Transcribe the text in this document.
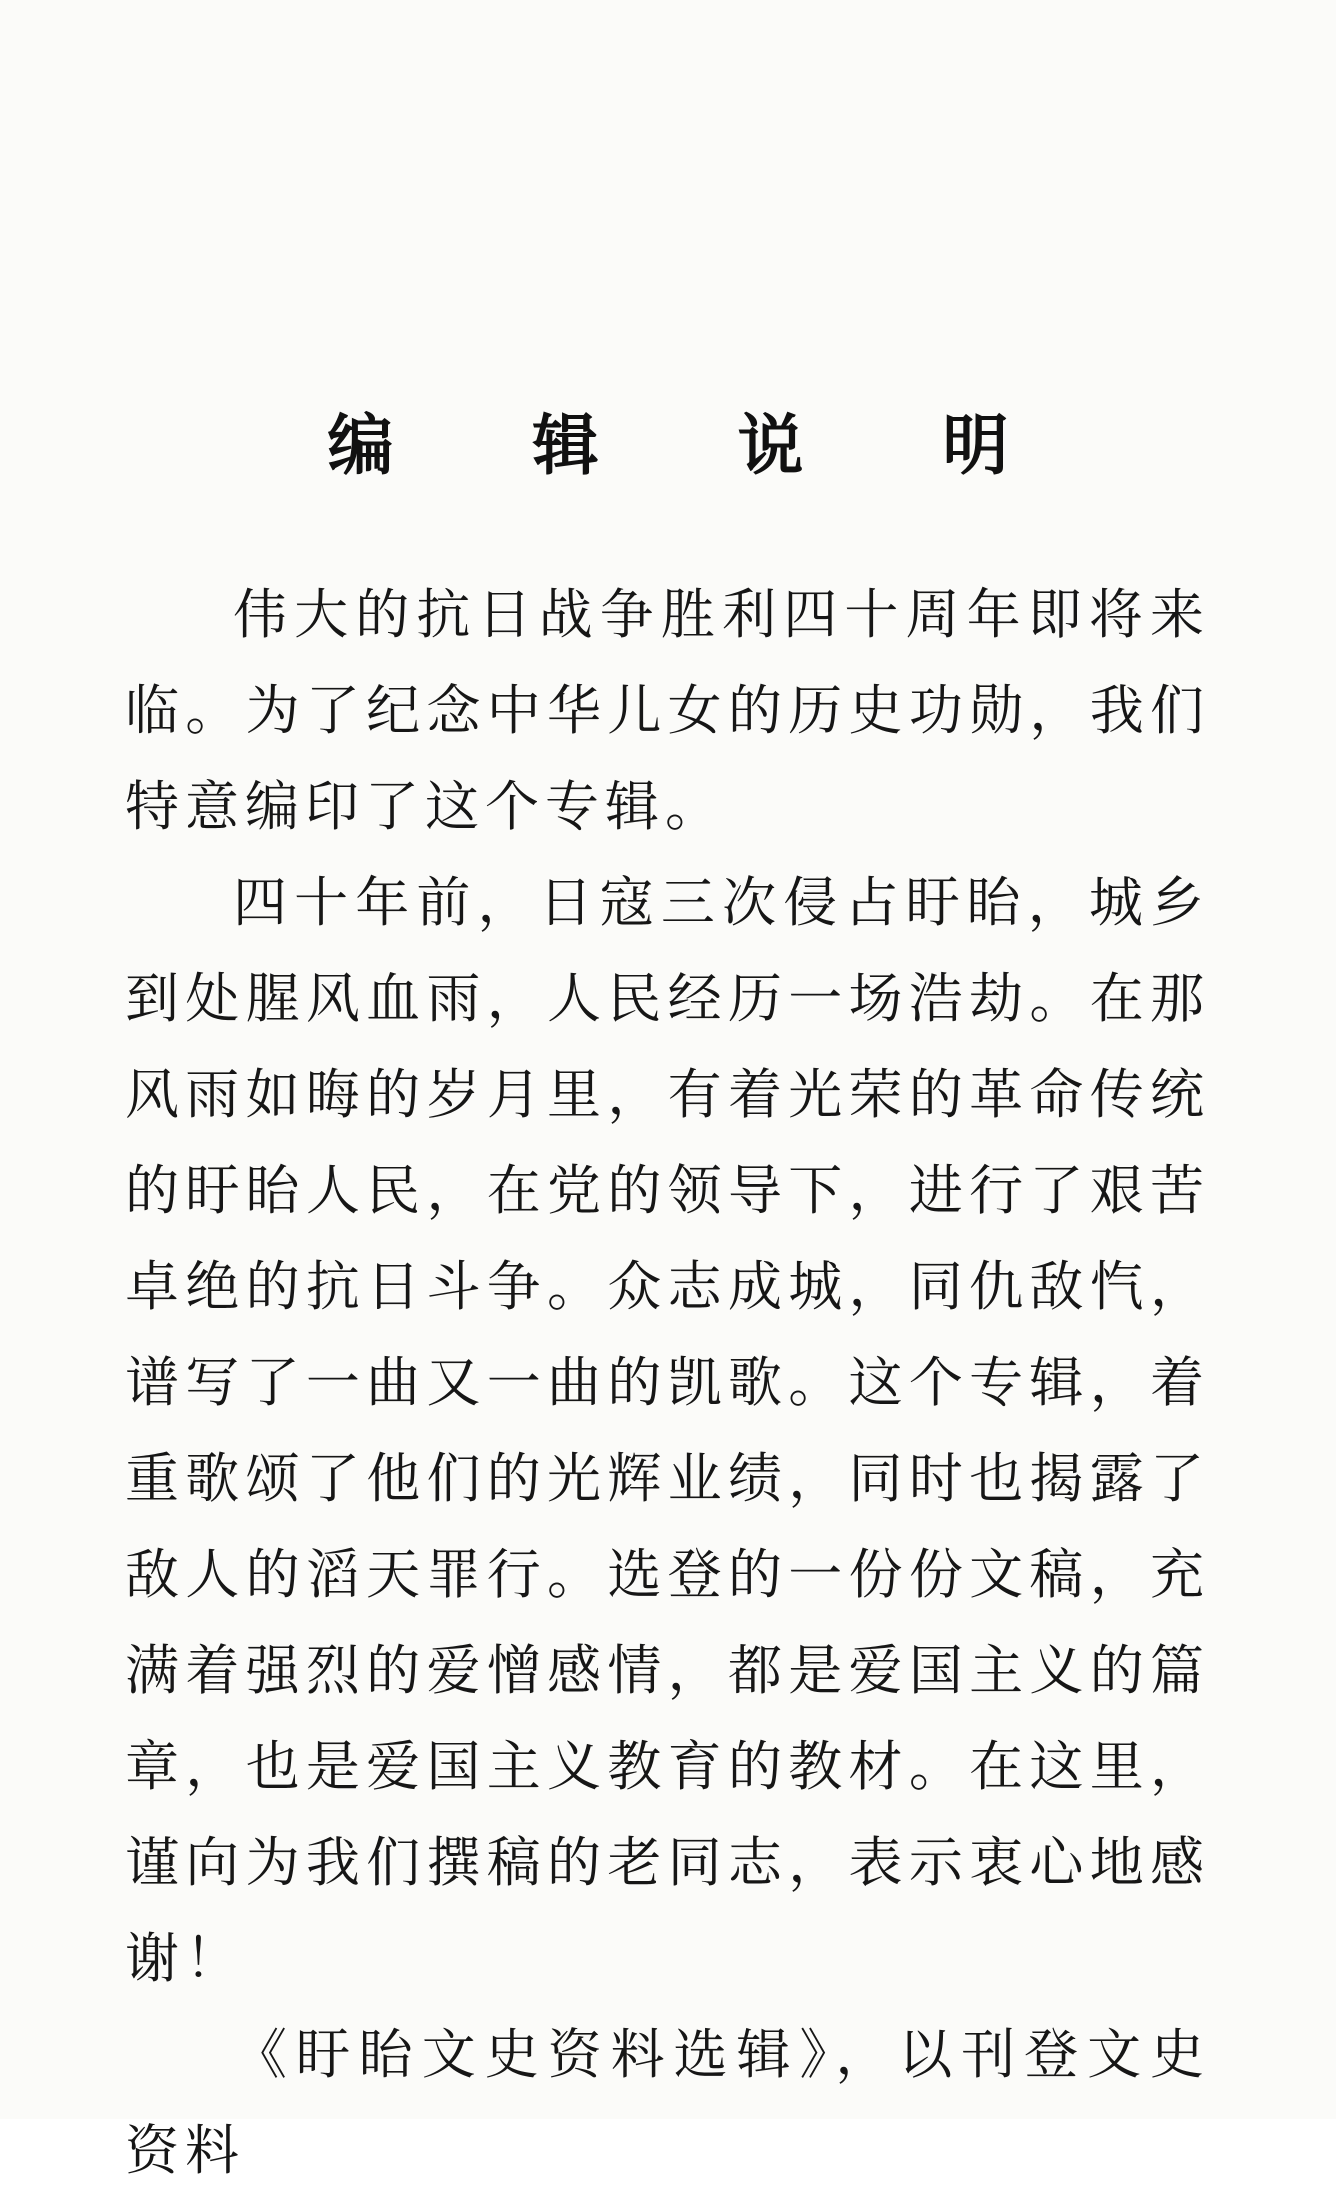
编 辑 说 明

伟大的抗日战争胜利四十周年即将来临。为了纪念中华儿女的历史功勋，我们特意编印了这个专辑。

四十年前，日寇三次侵占盱眙，城乡到处腥风血雨，人民经历一场浩劫。在那风雨如晦的岁月里，有着光荣的革命传统的盱眙人民，在党的领导下，进行了艰苦卓绝的抗日斗争。众志成城，同仇敌忾，谱写了一曲又一曲的凯歌。这个专辑，着重歌颂了他们的光辉业绩，同时也揭露了敌人的滔天罪行。选登的一份份文稿，充满着强烈的爱憎感情，都是爱国主义的篇章，也是爱国主义教育的教材。在这里，谨向为我们撰稿的老同志，表示衷心地感谢！

《盱眙文史资料选辑》，以刊登文史资料
